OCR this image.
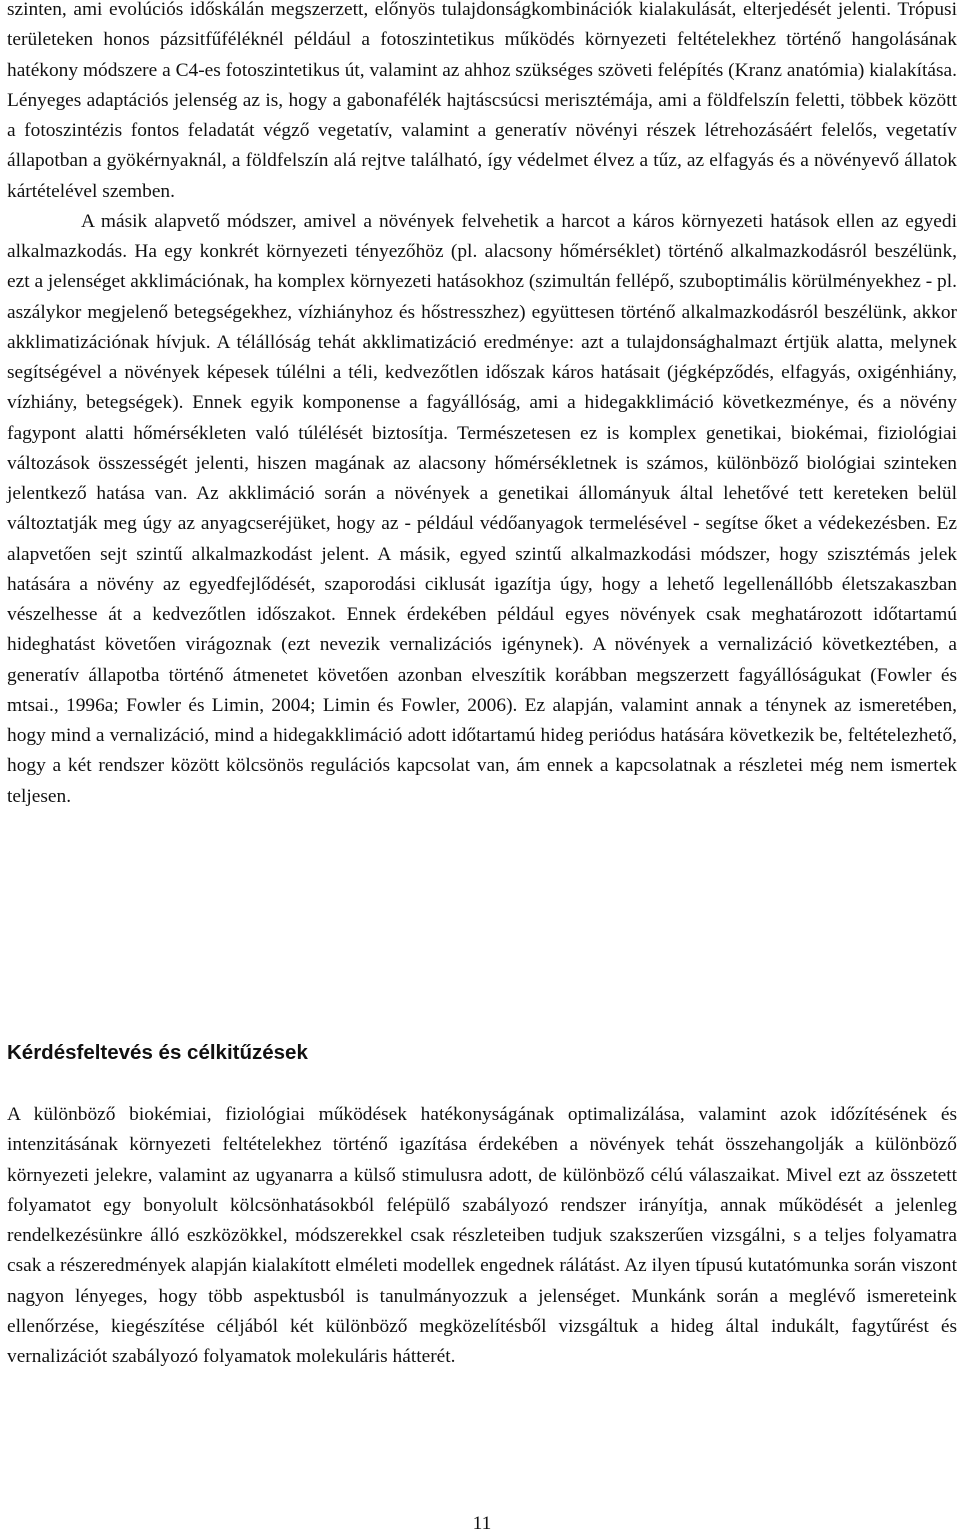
szinten, ami evolúciós időskálán megszerzett, előnyös tulajdonságkombinációk kialakulását, elterjedését jelenti. Trópusi területeken honos pázsitfűféléknél például a fotoszintetikus működés környezeti feltételekhez történő hangolásának hatékony módszere a C4-es fotoszintetikus út, valamint az ahhoz szükséges szöveti felépítés (Kranz anatómia) kialakítása. Lényeges adaptációs jelenség az is, hogy a gabonafélék hajtáscsúcsi merisztémája, ami a földfelszín feletti, többek között a fotoszintézis fontos feladatát végző vegetatív, valamint a generatív növényi részek létrehozásáért felelős, vegetatív állapotban a gyökérnyaknál, a földfelszín alá rejtve található, így védelmet élvez a tűz, az elfagyás és a növényevő állatok kártételével szemben.

A másik alapvető módszer, amivel a növények felvehetik a harcot a káros környezeti hatások ellen az egyedi alkalmazkodás. Ha egy konkrét környezeti tényezőhöz (pl. alacsony hőmérséklet) történő alkalmazkodásról beszélünk, ezt a jelenséget akklimációnak, ha komplex környezeti hatásokhoz (szimultán fellépő, szuboptimális körülményekhez - pl. aszálykor megjelenő betegségekhez, vízhiányhoz és hőstresszhez) együttesen történő alkalmazkodásról beszélünk, akkor akklimatizációnak hívjuk. A télállóság tehát akklimatizáció eredménye: azt a tulajdonsághalmazt értjük alatta, melynek segítségével a növények képesek túlélni a téli, kedvezőtlen időszak káros hatásait (jégképződés, elfagyás, oxigénhiány, vízhiány, betegségek). Ennek egyik komponense a fagyállóság, ami a hidegakklimáció következménye, és a növény fagypont alatti hőmérsékleten való túlélését biztosítja. Természetesen ez is komplex genetikai, biokémai, fiziológiai változások összességét jelenti, hiszen magának az alacsony hőmérsékletnek is számos, különböző biológiai szinteken jelentkező hatása van. Az akklimáció során a növények a genetikai állományuk által lehetővé tett kereteken belül változtatják meg úgy az anyagcseréjüket, hogy az - például védőanyagok termelésével - segítse őket a védekezésben. Ez alapvetően sejt szintű alkalmazkodást jelent. A másik, egyed szintű alkalmazkodási módszer, hogy szisztémás jelek hatására a növény az egyedfejlődését, szaporodási ciklusát igazítja úgy, hogy a lehető legellenállóbb életszakaszban vészelhesse át a kedvezőtlen időszakot. Ennek érdekében például egyes növények csak meghatározott időtartamú hideghatást követően virágoznak (ezt nevezik vernalizációs igénynek). A növények a vernalizáció következtében, a generatív állapotba történő átmenetet követően azonban elveszítik korábban megszerzett fagyállóságukat (Fowler és mtsai., 1996a; Fowler és Limin, 2004; Limin és Fowler, 2006). Ez alapján, valamint annak a ténynek az ismeretében, hogy mind a vernalizáció, mind a hidegakklimáció adott időtartamú hideg periódus hatására következik be, feltételezhető, hogy a két rendszer között kölcsönös regulációs kapcsolat van, ám ennek a kapcsolatnak a részletei még nem ismertek teljesen.

Kérdésfeltevés és célkitűzések

A különböző biokémiai, fiziológiai működések hatékonyságának optimalizálása, valamint azok időzítésének és intenzitásának környezeti feltételekhez történő igazítása érdekében a növények tehát összehangolják a különböző környezeti jelekre, valamint az ugyanarra a külső stimulusra adott, de különböző célú válaszaikat. Mivel ezt az összetett folyamatot egy bonyolult kölcsönhatásokból felépülő szabályozó rendszer irányítja, annak működését a jelenleg rendelkezésünkre álló eszközökkel, módszerekkel csak részleteiben tudjuk szakszerűen vizsgálni, s a teljes folyamatra csak a részeredmények alapján kialakított elméleti modellek engednek rálátást. Az ilyen típusú kutatómunka során viszont nagyon lényeges, hogy több aspektusból is tanulmányozzuk a jelenséget. Munkánk során a meglévő ismereteink ellenőrzése, kiegészítése céljából két különböző megközelítésből vizsgáltuk a hideg által indukált, fagytűrést és vernalizációt szabályozó folyamatok molekuláris hátterét.

11
